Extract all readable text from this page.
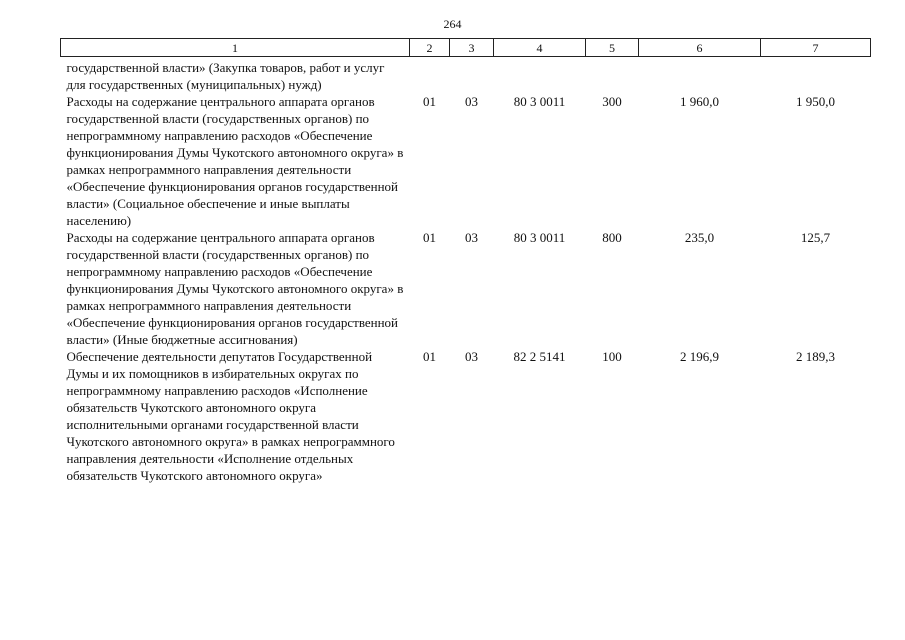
264
1	2	3	4	5	6	7
государственной власти» (Закупка товаров, работ и услуг для государственных (муниципальных) нужд)						
Расходы на содержание центрального аппарата органов государственной власти (государственных органов) по непрограммному направлению расходов «Обеспечение функционирования Думы Чукотского автономного округа» в рамках непрограммного направления деятельности «Обеспечение функционирования органов государственной власти» (Социальное обеспечение и иные выплаты населению)	01	03	80 3 0011	300	1 960,0	1 950,0
Расходы на содержание центрального аппарата органов государственной власти (государственных органов) по непрограммному направлению расходов «Обеспечение функционирования Думы Чукотского автономного округа» в рамках непрограммного направления деятельности «Обеспечение функционирования органов государственной власти» (Иные бюджетные ассигнования)	01	03	80 3 0011	800	235,0	125,7
Обеспечение деятельности депутатов Государственной Думы и их помощников в избирательных округах по непрограммному направлению расходов «Исполнение обязательств Чукотского автономного округа исполнительными органами государственной власти Чукотского автономного округа» в рамках непрограммного направления деятельности «Исполнение отдельных обязательств Чукотского автономного округа»	01	03	82 2 5141	100	2 196,9	2 189,3
